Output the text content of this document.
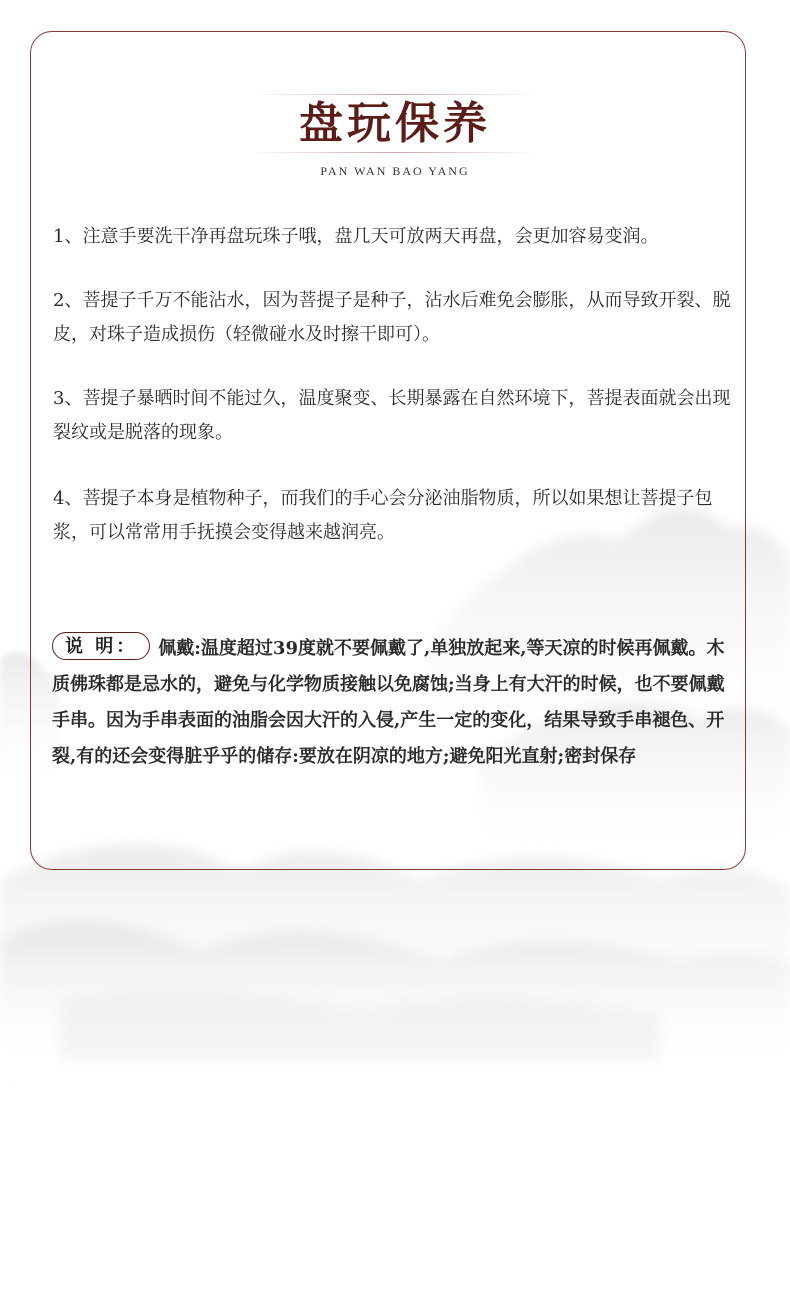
盘玩保养
PAN WAN BAO YANG
1、注意手要洗干净再盘玩珠子哦，盘几天可放两天再盘，会更加容易变润。
2、菩提子千万不能沾水，因为菩提子是种子，沾水后难免会膨胀，从而导致开裂、脱皮，对珠子造成损伤（轻微碰水及时擦干即可）。
3、菩提子暴晒时间不能过久，温度聚变、长期暴露在自然环境下，菩提表面就会出现裂纹或是脱落的现象。
4、菩提子本身是植物种子，而我们的手心会分泌油脂物质，所以如果想让菩提子包浆，可以常常用手抚摸会变得越来越润亮。
说 明： 佩戴:温度超过39度就不要佩戴了,单独放起来,等天凉的时候再佩戴。木质佛珠都是忌水的，避免与化学物质接触以免腐蚀;当身上有大汗的时候，也不要佩戴手串。因为手串表面的油脂会因大汗的入侵,产生一定的变化，结果导致手串褪色、开裂,有的还会变得脏乎乎的储存:要放在阴凉的地方;避免阳光直射;密封保存
